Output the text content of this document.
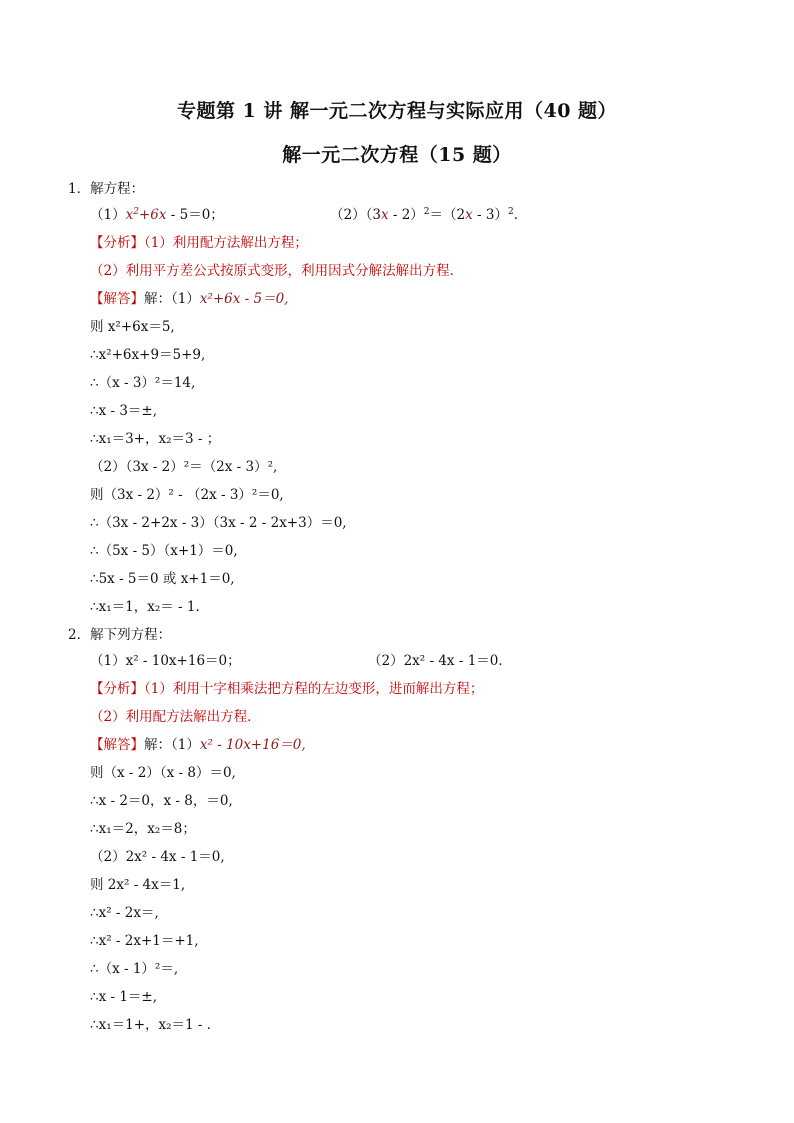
专题第 1 讲 解一元二次方程与实际应用（40 题）
解一元二次方程（15 题）
1．解方程：
$(1)x^2+6x - 5=0$；	（2）（3x - 2）$^2$＝（2x - 3）$^2$．
【分析】（1）利用配方法解出方程；
（2）利用平方差公式按原式变形，利用因式分解法解出方程．
【解答】解：（1）x²+6x - 5＝0,
则 x²+6x＝5,
∴x²+6x+9＝5+9,
∴（x - 3）²＝14,
∴x - 3＝±,
∴x₁＝3+，x₂＝3 - ；
（2）（3x - 2）²＝（2x - 3）²,
则（3x - 2）² - （2x - 3）²＝0,
∴（3x - 2+2x - 3）（3x - 2 - 2x+3）＝0,
∴（5x - 5）（x+1）＝0,
∴5x - 5＝0 或 x+1＝0,
∴x₁＝1，x₂＝ - 1．
2．解下列方程：
（1）x² - 10x+16＝0；	（2）2x² - 4x - 1＝0．
【分析】（1）利用十字相乘法把方程的左边变形，进而解出方程；
（2）利用配方法解出方程．
【解答】解：（1）x² - 10x+16＝0,
则（x - 2）（x - 8）＝0,
∴x - 2＝0，x - 8，＝0,
∴x₁＝2，x₂＝8；
（2）2x² - 4x - 1＝0,
则 2x² - 4x＝1,
∴x² - 2x＝,
∴x² - 2x+1＝+1,
∴（x - 1）²＝,
∴x - 1＝±,
∴x₁＝1+，x₂＝1 - ．
